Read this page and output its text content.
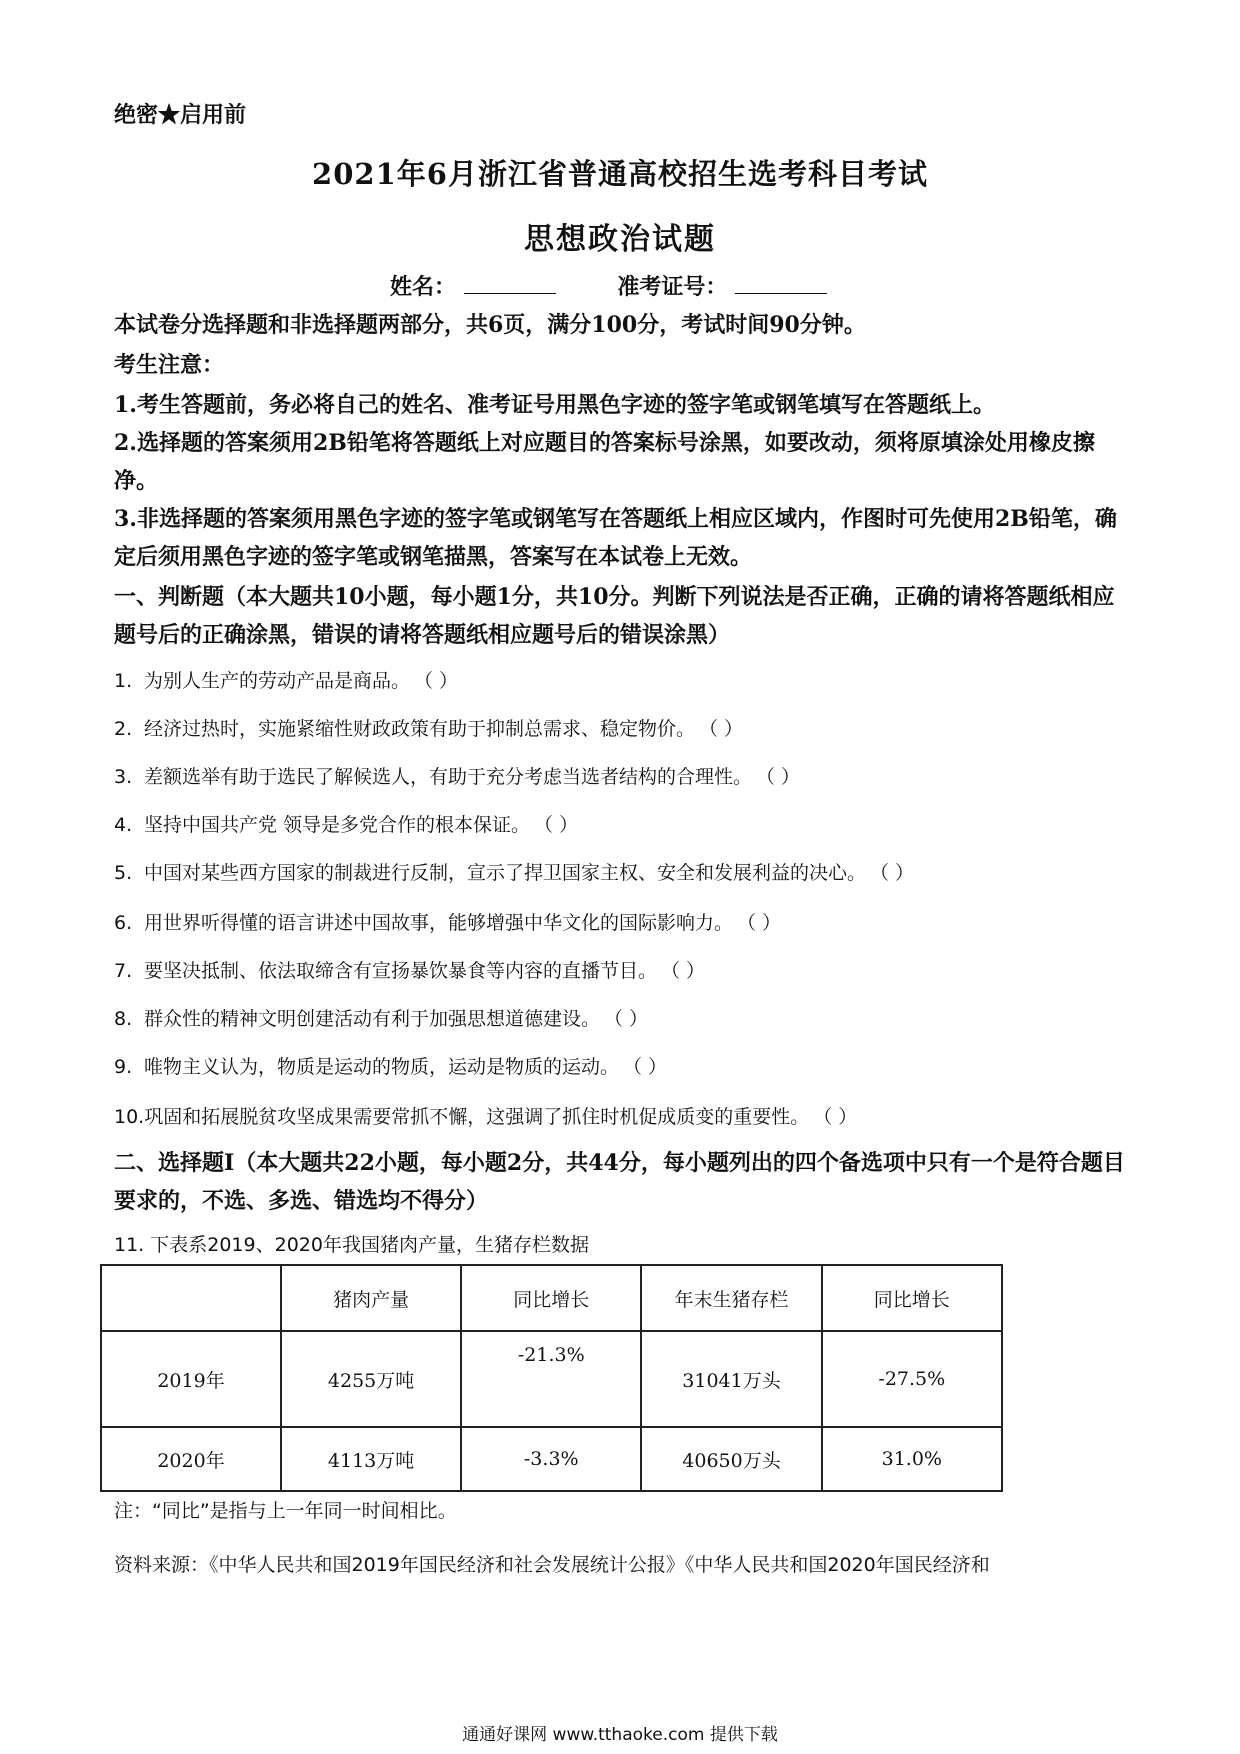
绝密★启用前
2021年6月浙江省普通高校招生选考科目考试
思想政治试题
姓名：	准考证号：
本试卷分选择题和非选择题两部分，共6页，满分100分，考试时间90分钟。
考生注意：
1.考生答题前，务必将自己的姓名、准考证号用黑色字迹的签字笔或钢笔填写在答题纸上。
2.选择题的答案须用2B铅笔将答题纸上对应题目的答案标号涂黑，如要改动，须将原填涂处用橡皮擦净。
3.非选择题的答案须用黑色字迹的签字笔或钢笔写在答题纸上相应区域内，作图时可先使用2B铅笔，确定后须用黑色字迹的签字笔或钢笔描黑，答案写在本试卷上无效。
一、判断题（本大题共10小题，每小题1分，共10分。判断下列说法是否正确，正确的请将答题纸相应题号后的正确涂黑，错误的请将答题纸相应题号后的错误涂黑）
1. 为别人生产的劳动产品是商品。 （ ）
2. 经济过热时，实施紧缩性财政政策有助于抑制总需求、稳定物价。 （ ）
3. 差额选举有助于选民了解候选人，有助于充分考虑当选者结构的合理性。 （ ）
4. 坚持中国共产党 领导是多党合作的根本保证。 （ ）
5. 中国对某些西方国家的制裁进行反制，宣示了捍卫国家主权、安全和发展利益的决心。 （ ）
6. 用世界听得懂的语言讲述中国故事，能够增强中华文化的国际影响力。 （ ）
7. 要坚决抵制、依法取缔含有宣扬暴饮暴食等内容的直播节目。 （ ）
8. 群众性的精神文明创建活动有利于加强思想道德建设。 （ ）
9. 唯物主义认为，物质是运动的物质，运动是物质的运动。 （ ）
10.巩固和拓展脱贫攻坚成果需要常抓不懈，这强调了抓住时机促成质变的重要性。 （ ）
二、选择题Ⅰ（本大题共22小题，每小题2分，共44分，每小题列出的四个备选项中只有一个是符合题目要求的，不选、多选、错选均不得分）
11. 下表系2019、2020年我国猪肉产量，生猪存栏数据
	猪肉产量	同比增长	年末生猪存栏	同比增长
2019年	4255万吨	-21.3%	31041万头	-27.5%
2020年	4113万吨	-3.3%	40650万头	31.0%
注：“同比”是指与上一年同一时间相比。
资料来源：《中华人民共和国2019年国民经济和社会发展统计公报》《中华人民共和国2020年国民经济和
通通好课网 www.tthaoke.com 提供下载
